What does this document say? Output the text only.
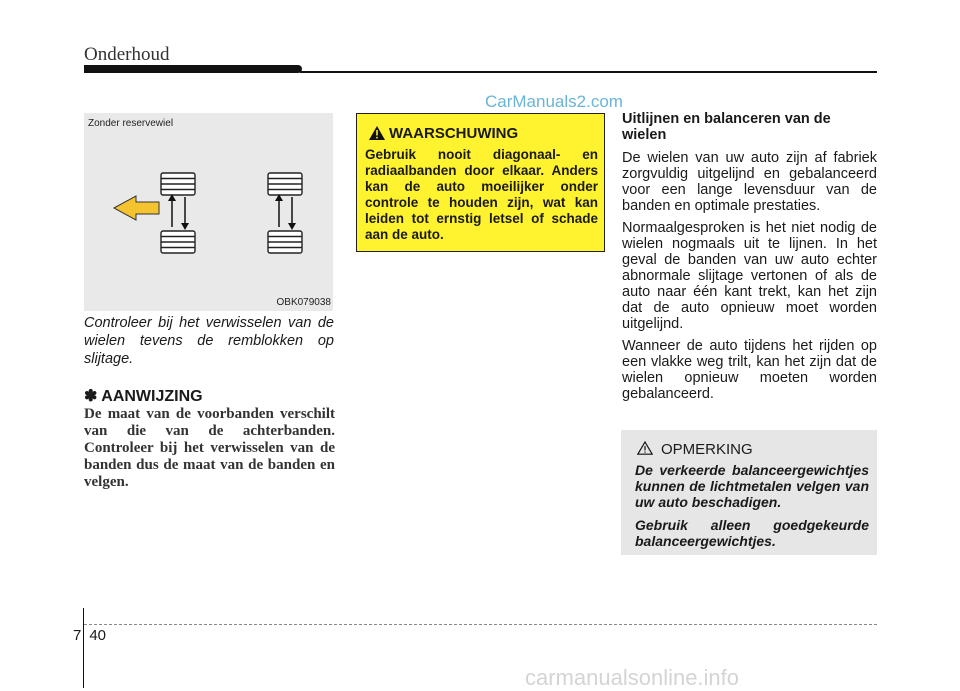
Onderhoud
CarManuals2.com
Zonder reservewiel
OBK079038
Controleer bij het verwisselen van de wielen tevens de remblokken op slijtage.
✽ AANWIJZING
De maat van de voorbanden verschilt van die van de achterbanden. Controleer bij het verwisselen van de banden dus de maat van de banden en velgen.
WAARSCHUWING
Gebruik nooit diagonaal- en radiaalbanden door elkaar. Anders kan de auto moeilijker onder controle te houden zijn, wat kan leiden tot ernstig letsel of schade aan de auto.
Uitlijnen en balanceren van de wielen

De wielen van uw auto zijn af fabriek zorgvuldig uitgelijnd en gebalanceerd voor een lange levensduur van de banden en optimale prestaties.

Normaalgesproken is het niet nodig de wielen nogmaals uit te lijnen. In het geval de banden van uw auto echter abnormale slijtage vertonen of als de auto naar één kant trekt, kan het zijn dat de auto opnieuw moet worden uitgelijnd.

Wanneer de auto tijdens het rijden op een vlakke weg trilt, kan het zijn dat de wielen opnieuw moeten worden gebalanceerd.

OPMERKING

De verkeerde balanceergewichtjes kunnen de lichtmetalen velgen van uw auto beschadigen.

Gebruik alleen goedgekeurde balanceergewichtjes.

7 40
carmanualsonline.info
